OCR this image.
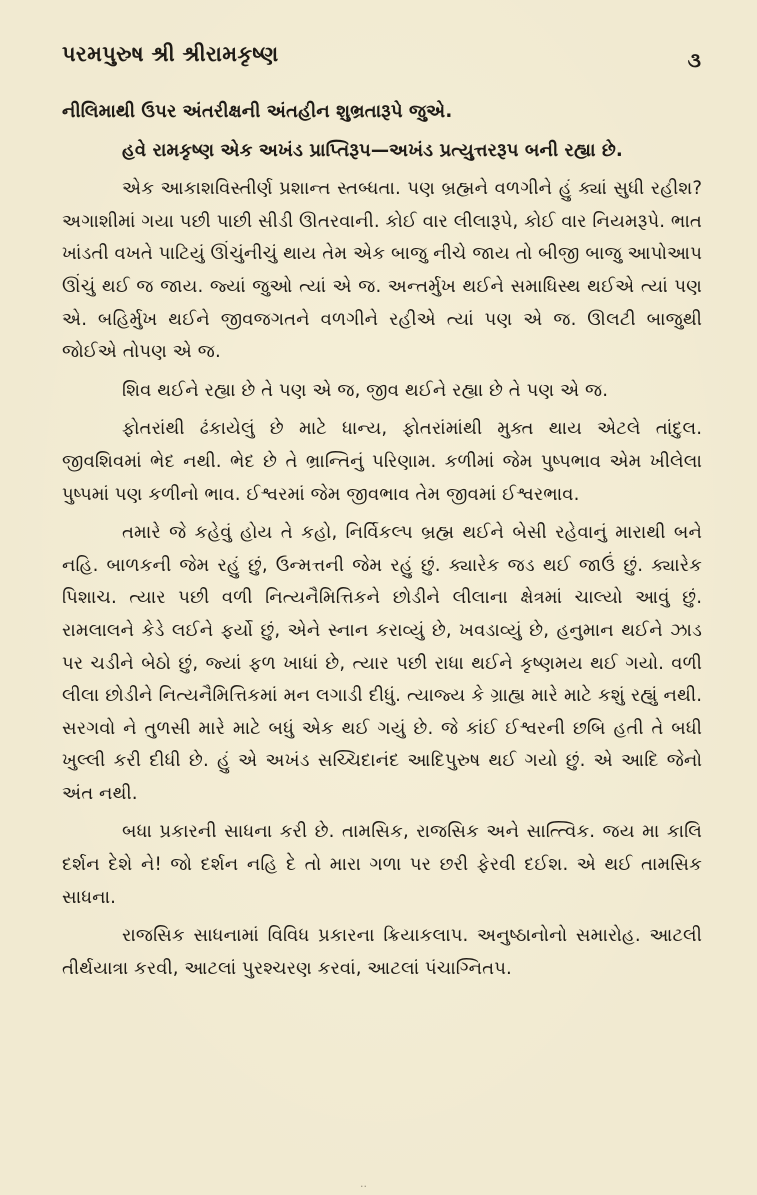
પરમપુરુષ શ્રી શ્રીરામકૃષ્ણ	૩

નીલિમાથી ઉપર અંતરીક્ષની અંતહીન શુભ્રતારૂપે જુએ.

હવે રામકૃષ્ણ એક અખંડ પ્રાપ્તિરૂપ—અખંડ પ્રત્યુત્તરરૂપ બની રહ્યા છે.

એક આકાશવિસ્તીર્ણ પ્રશાન્ત સ્તબ્ધતા. પણ બ્રહ્મને વળગીને હું ક્યાં સુધી રહીશ? અગાશીમાં ગયા પછી પાછી સીડી ઊતરવાની. કોઈ વાર લીલારૂપે, કોઈ વાર નિયમરૂપે. ભાત ખાંડતી વખતે પાટિયું ઊંચુંનીચું થાય તેમ એક બાજુ નીચે જાય તો બીજી બાજુ આપોઆપ ઊંચું થઈ જ જાય. જ્યાં જુઓ ત્યાં એ જ. અન્તર્મુખ થઈને સમાધિસ્થ થઈએ ત્યાં પણ એ. બહિર્મુખ થઈને જીવજગતને વળગીને રહીએ ત્યાં પણ એ જ. ઊલટી બાજુથી જોઈએ તોપણ એ જ.

શિવ થઈને રહ્યા છે તે પણ એ જ, જીવ થઈને રહ્યા છે તે પણ એ જ.

ફોતરાંથી ઢંકાયેલું છે માટે ધાન્ય, ફોતરાંમાંથી મુક્ત થાય એટલે તાંદુલ. જીવશિવમાં ભેદ નથી. ભેદ છે તે ભ્રાન્તિનું પરિણામ. કળીમાં જેમ પુષ્પભાવ એમ ખીલેલા પુષ્પમાં પણ કળીનો ભાવ. ઈશ્વરમાં જેમ જીવભાવ તેમ જીવમાં ઈશ્વરભાવ.

તમારે જે કહેવું હોય તે કહો, નિર્વિકલ્પ બ્રહ્મ થઈને બેસી રહેવાનું મારાથી બને નહિ. બાળકની જેમ રહું છું, ઉન્મત્તની જેમ રહું છું. ક્યારેક જડ થઈ જાઉં છું. ક્યારેક પિશાચ. ત્યાર પછી વળી નિત્યનૈમિત્તિકને છોડીને લીલાના ક્ષેત્રમાં ચાલ્યો આવું છું. રામલાલને કેડે લઈને ફર્યો છું, એને સ્નાન કરાવ્યું છે, ખવડાવ્યું છે, હનુમાન થઈને ઝાડ પર ચડીને બેઠો છું, જ્યાં ફળ ખાધાં છે, ત્યાર પછી રાધા થઈને કૃષ્ણમય થઈ ગયો. વળી લીલા છોડીને નિત્યનૈમિત્તિકમાં મન લગાડી દીધું. ત્યાજ્ય કે ગ્રાહ્ય મારે માટે કશું રહ્યું નથી. સરગવો ને તુળસી મારે માટે બધું એક થઈ ગયું છે. જે કાંઈ ઈશ્વરની છબિ હતી તે બધી ખુલ્લી કરી દીધી છે. હું એ અખંડ સચ્ચિદાનંદ આદિપુરુષ થઈ ગયો છું. એ આદિ જેનો અંત નથી.

બધા પ્રકારની સાધના કરી છે. તામસિક, રાજસિક અને સાત્ત્વિક. જય મા કાલિ દર્શન દેશે ને! જો દર્શન નહિ દે તો મારા ગળા પર છરી ફેરવી દઈશ. એ થઈ તામસિક સાધના.

રાજસિક સાધનામાં વિવિધ પ્રકારના ક્રિયાકલાપ. અનુષ્ઠાનોનો સમારોહ. આટલી તીર્થયાત્રા કરવી, આટલાં પુરશ્ચરણ કરવાં, આટલાં પંચાગ્નિતપ.

··
